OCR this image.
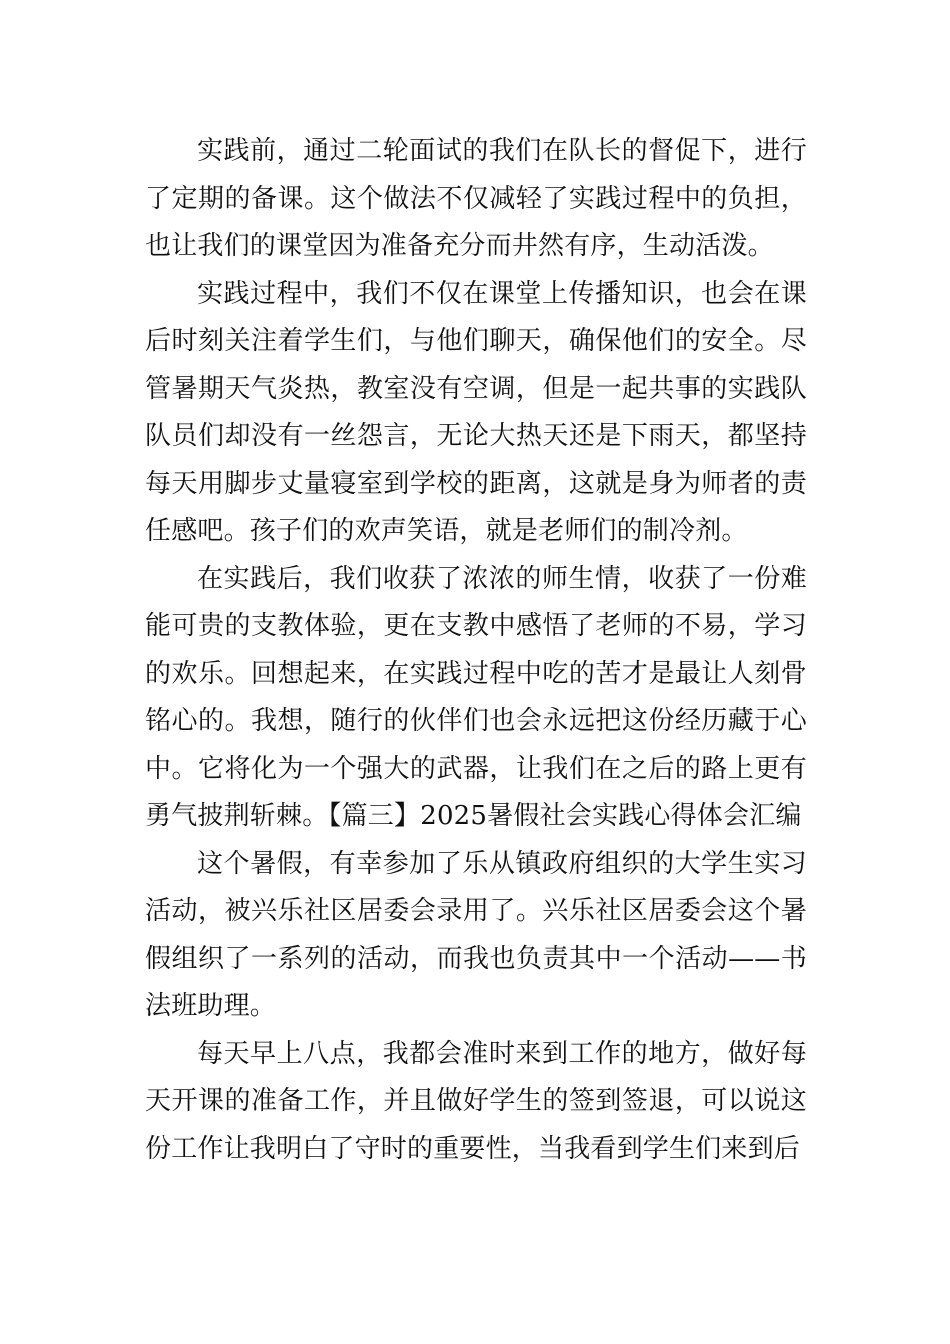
实践前，通过二轮面试的我们在队长的督促下，进行了定期的备课。这个做法不仅减轻了实践过程中的负担，也让我们的课堂因为准备充分而井然有序，生动活泼。

实践过程中，我们不仅在课堂上传播知识，也会在课后时刻关注着学生们，与他们聊天，确保他们的安全。尽管暑期天气炎热，教室没有空调，但是一起共事的实践队队员们却没有一丝怨言，无论大热天还是下雨天，都坚持每天用脚步丈量寝室到学校的距离，这就是身为师者的责任感吧。孩子们的欢声笑语，就是老师们的制冷剂。

在实践后，我们收获了浓浓的师生情，收获了一份难能可贵的支教体验，更在支教中感悟了老师的不易，学习的欢乐。回想起来，在实践过程中吃的苦才是最让人刻骨铭心的。我想，随行的伙伴们也会永远把这份经历藏于心中。它将化为一个强大的武器，让我们在之后的路上更有勇气披荆斩棘。【篇三】2025暑假社会实践心得体会汇编

这个暑假，有幸参加了乐从镇政府组织的大学生实习活动，被兴乐社区居委会录用了。兴乐社区居委会这个暑假组织了一系列的活动，而我也负责其中一个活动——书法班助理。

每天早上八点，我都会准时来到工作的地方，做好每天开课的准备工作，并且做好学生的签到签退，可以说这份工作让我明白了守时的重要性，当我看到学生们来到后
